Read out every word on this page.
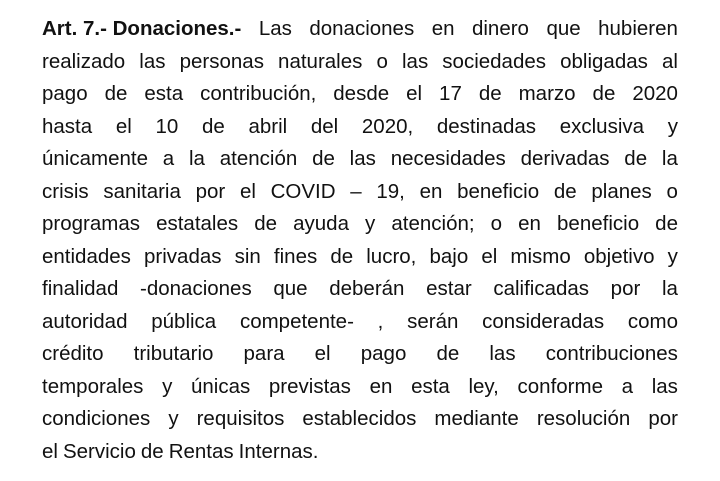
Art. 7.- Donaciones.- Las donaciones en dinero que hubieren
realizado las personas naturales o las sociedades obligadas al
pago de esta contribución, desde el 17 de marzo de 2020
hasta el 10 de abril del 2020, destinadas exclusiva y
únicamente a la atención de las necesidades derivadas de la
crisis sanitaria por el COVID – 19, en beneficio de planes o
programas estatales de ayuda y atención; o en beneficio de
entidades privadas sin fines de lucro, bajo el mismo objetivo y
finalidad -donaciones que deberán estar calificadas por la
autoridad pública competente- , serán consideradas como
crédito tributario para el pago de las contribuciones
temporales y únicas previstas en esta ley, conforme a las
condiciones y requisitos establecidos mediante resolución por
el Servicio de Rentas Internas.
